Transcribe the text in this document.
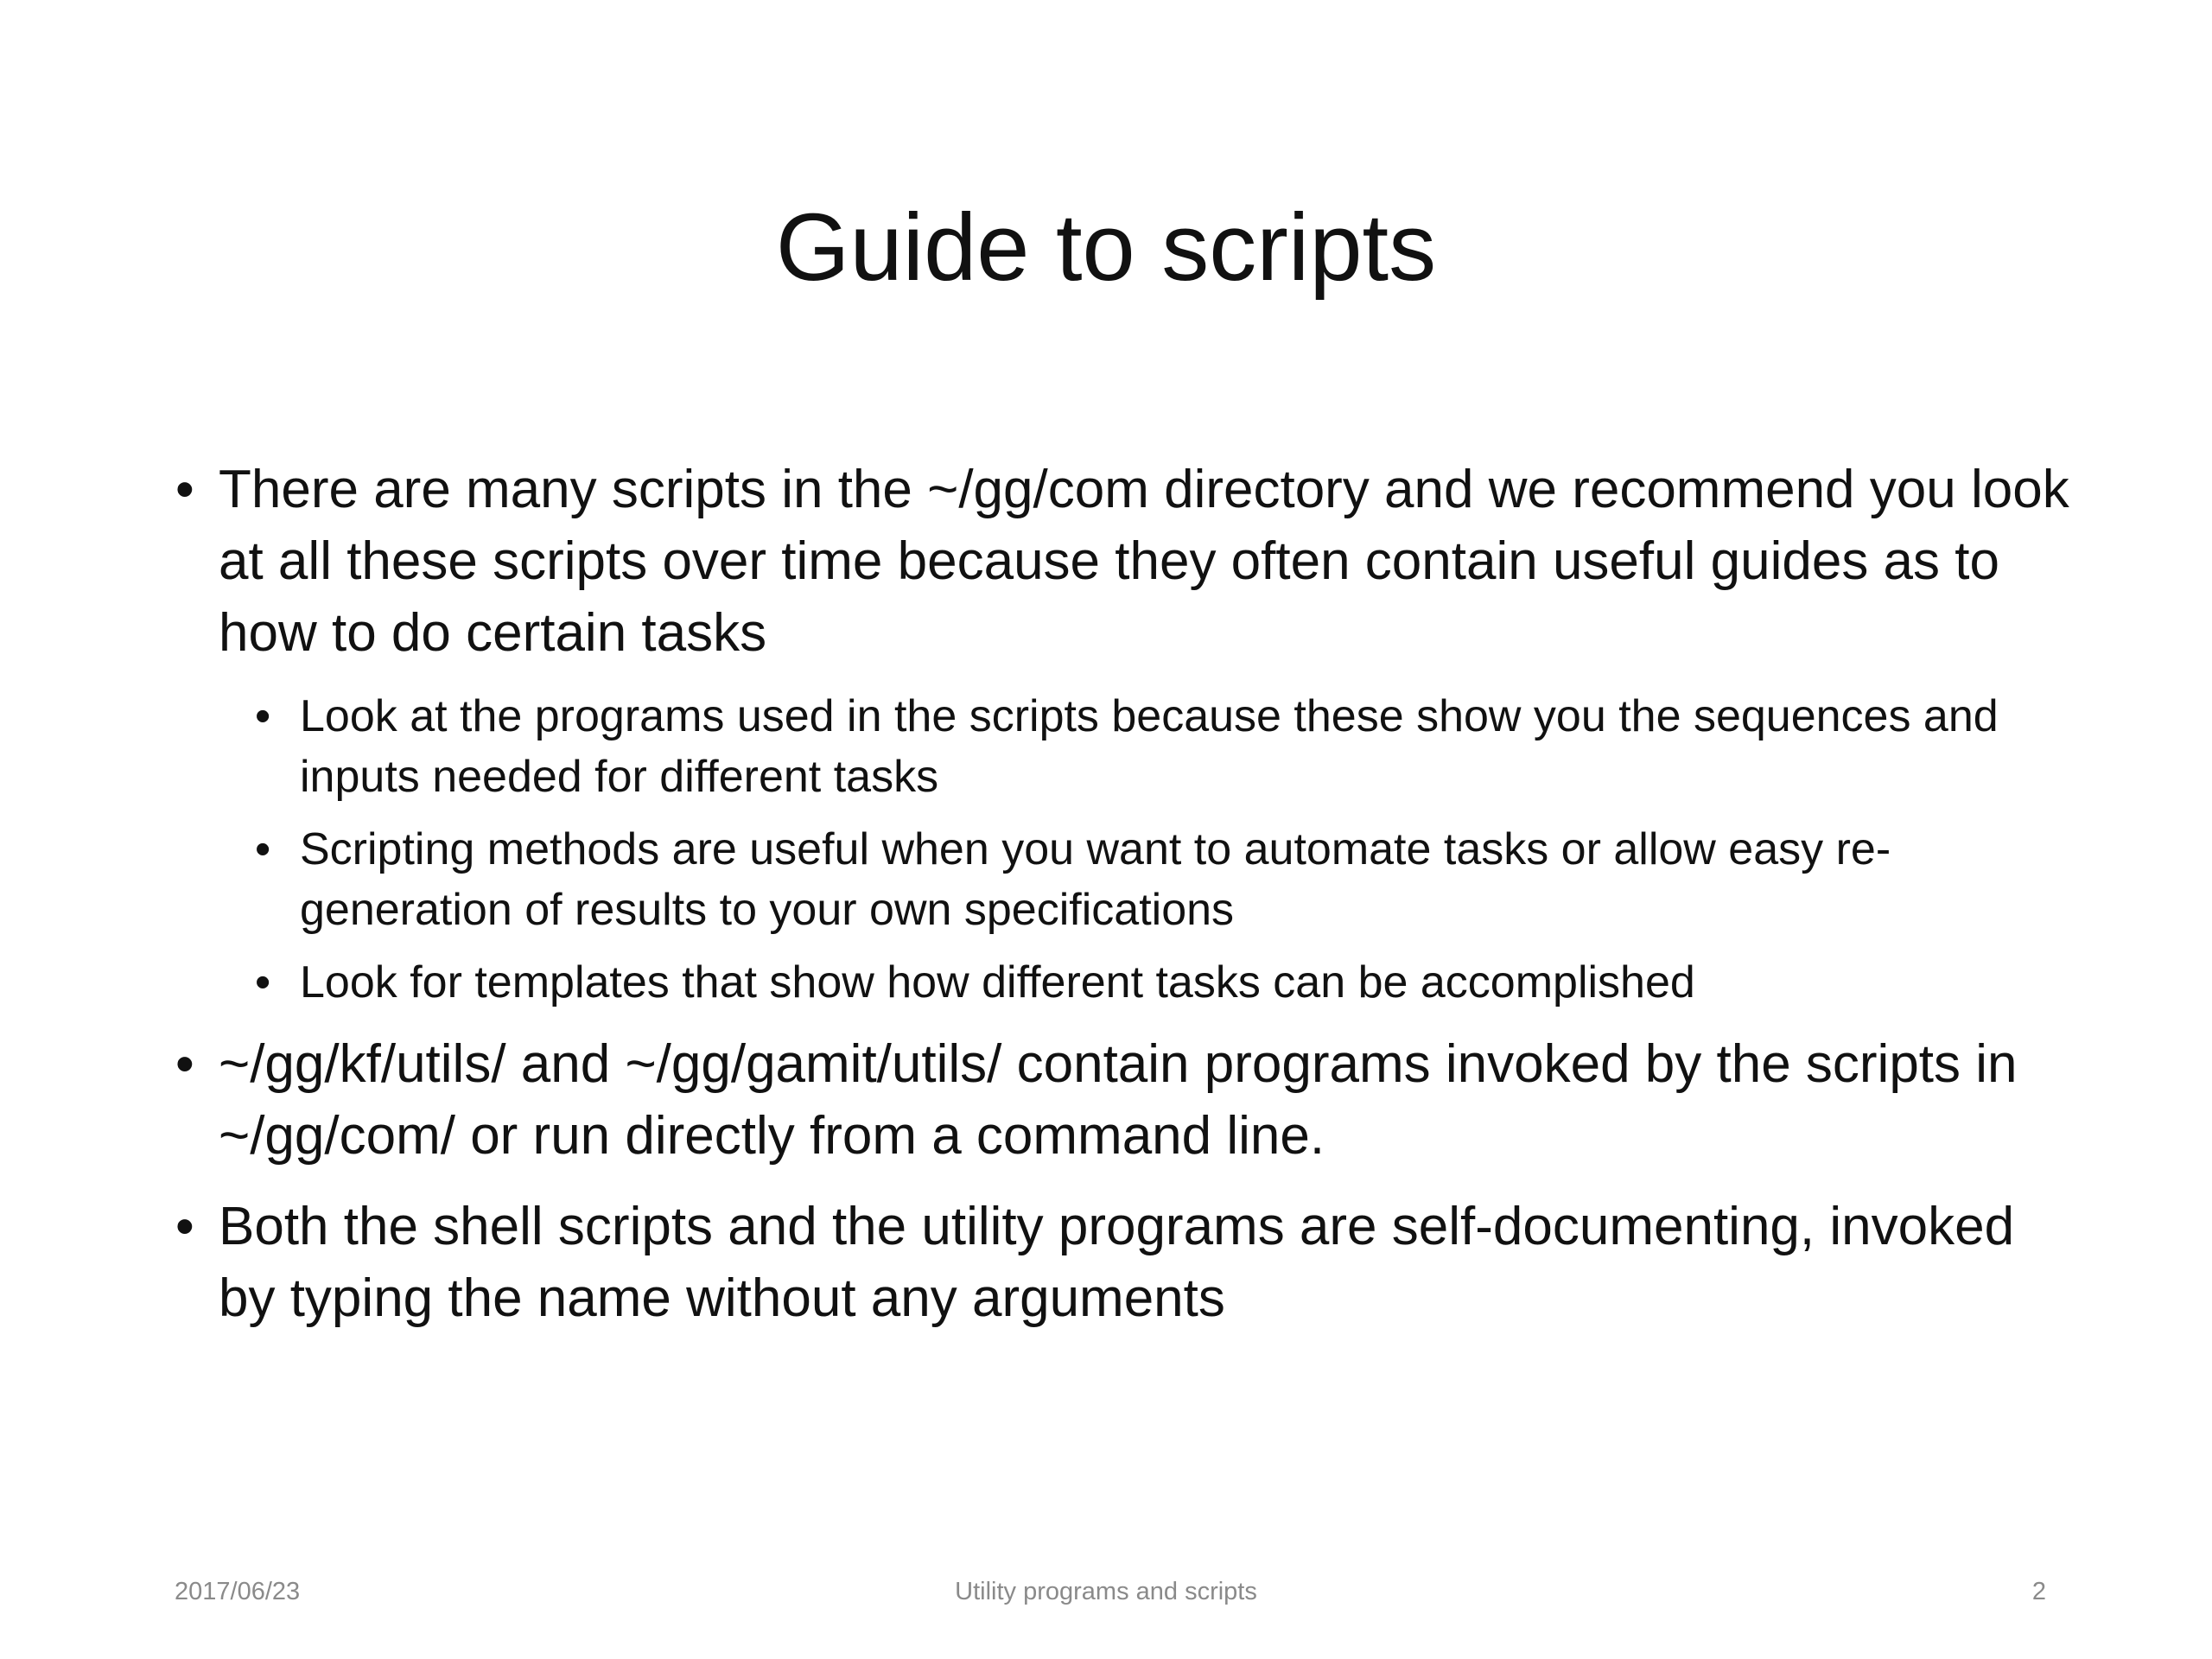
Guide to scripts
• There are many scripts in the ~/gg/com directory and we recommend you look at all these scripts over time because they often contain useful guides as to how to do certain tasks
• Look at the programs used in the scripts because these show you the sequences and inputs needed for different tasks
• Scripting methods are useful when you want to automate tasks or allow easy re-generation of results to your own specifications
• Look for templates that show how different tasks can be accomplished
• ~/gg/kf/utils/ and ~/gg/gamit/utils/ contain programs invoked by the scripts in ~/gg/com/ or run directly from a command line.
• Both the shell scripts and the utility programs are self-documenting, invoked by typing the name without any arguments
2017/06/23	Utility programs and scripts	2
